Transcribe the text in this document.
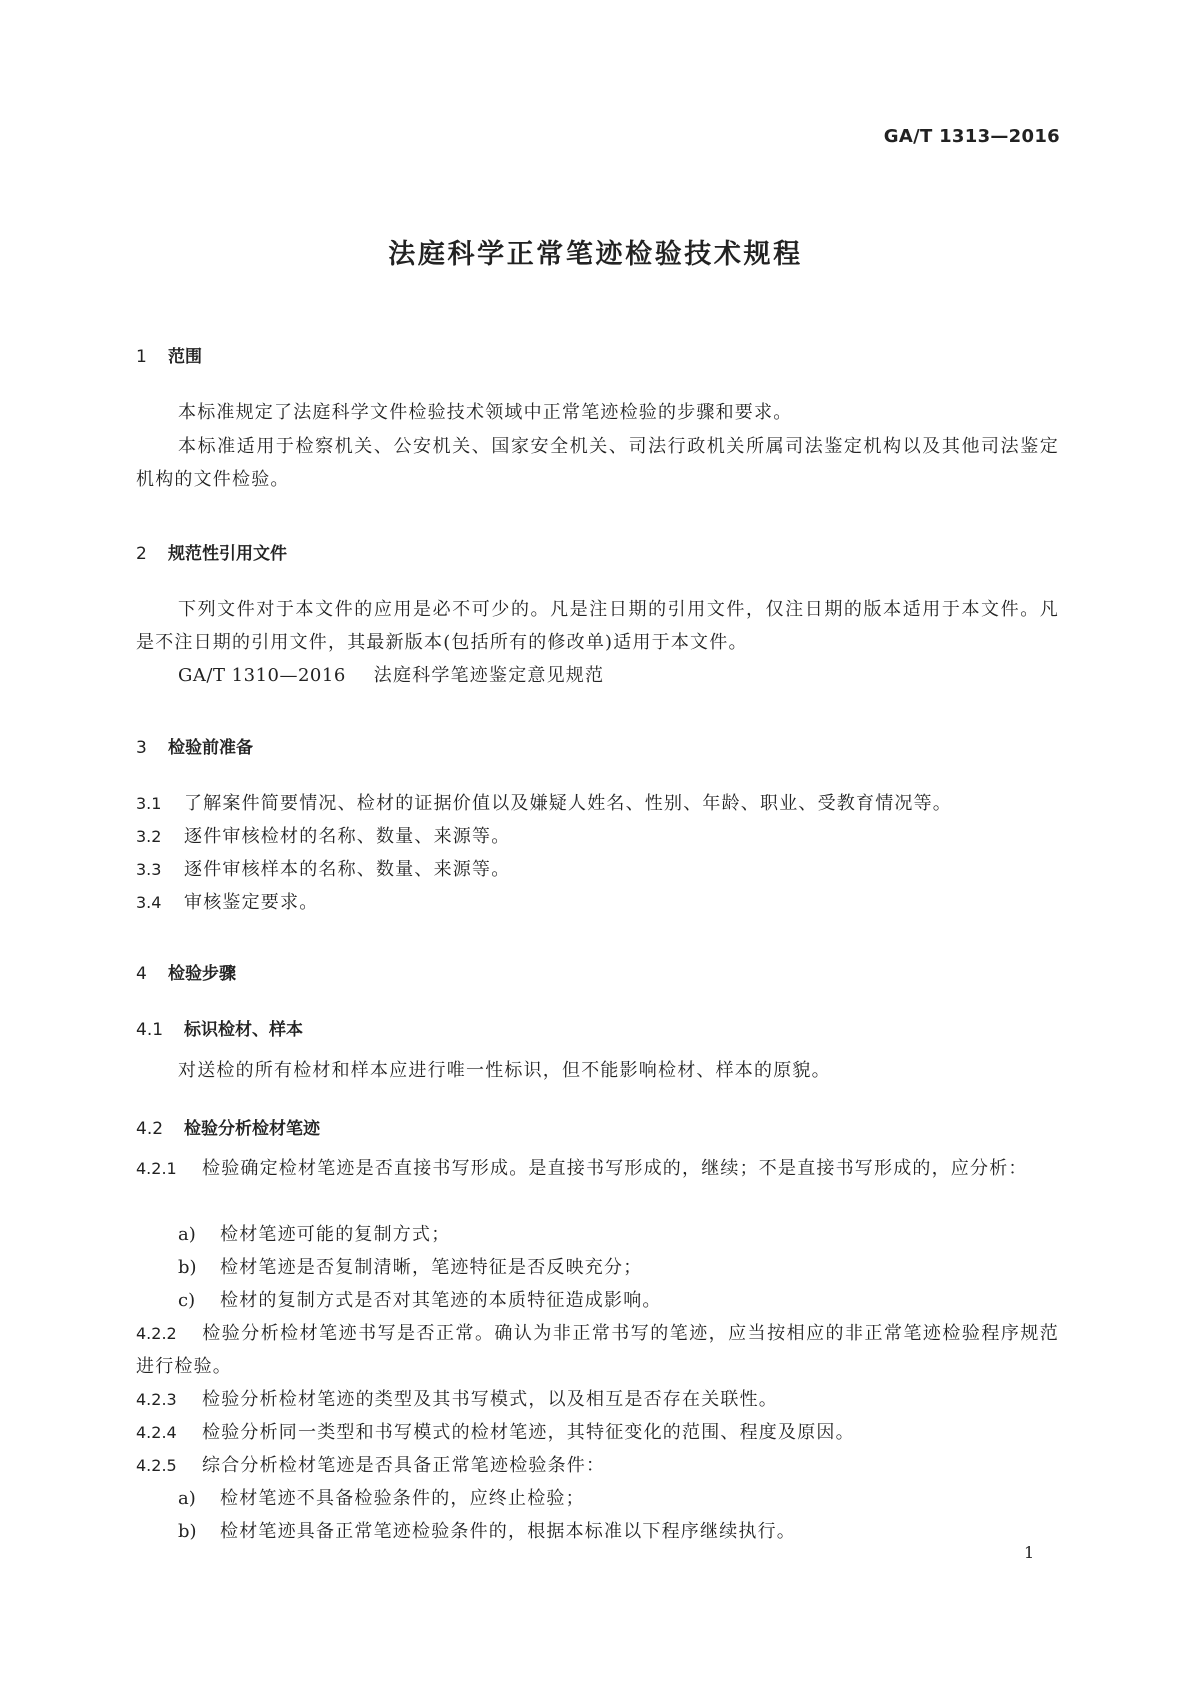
GA/T 1313—2016
法庭科学正常笔迹检验技术规程
1 范围
本标准规定了法庭科学文件检验技术领域中正常笔迹检验的步骤和要求。
本标准适用于检察机关、公安机关、国家安全机关、司法行政机关所属司法鉴定机构以及其他司法鉴定机构的文件检验。
2 规范性引用文件
下列文件对于本文件的应用是必不可少的。凡是注日期的引用文件，仅注日期的版本适用于本文件。凡是不注日期的引用文件，其最新版本(包括所有的修改单)适用于本文件。
GA/T 1310—2016 法庭科学笔迹鉴定意见规范
3 检验前准备
3.1 了解案件简要情况、检材的证据价值以及嫌疑人姓名、性别、年龄、职业、受教育情况等。
3.2 逐件审核检材的名称、数量、来源等。
3.3 逐件审核样本的名称、数量、来源等。
3.4 审核鉴定要求。
4 检验步骤
4.1 标识检材、样本
对送检的所有检材和样本应进行唯一性标识，但不能影响检材、样本的原貌。
4.2 检验分析检材笔迹
4.2.1 检验确定检材笔迹是否直接书写形成。是直接书写形成的，继续；不是直接书写形成的，应分析：
a) 检材笔迹可能的复制方式；
b) 检材笔迹是否复制清晰，笔迹特征是否反映充分；
c) 检材的复制方式是否对其笔迹的本质特征造成影响。
4.2.2 检验分析检材笔迹书写是否正常。确认为非正常书写的笔迹，应当按相应的非正常笔迹检验程序规范进行检验。
4.2.3 检验分析检材笔迹的类型及其书写模式，以及相互是否存在关联性。
4.2.4 检验分析同一类型和书写模式的检材笔迹，其特征变化的范围、程度及原因。
4.2.5 综合分析检材笔迹是否具备正常笔迹检验条件：
a) 检材笔迹不具备检验条件的，应终止检验；
b) 检材笔迹具备正常笔迹检验条件的，根据本标准以下程序继续执行。
1
